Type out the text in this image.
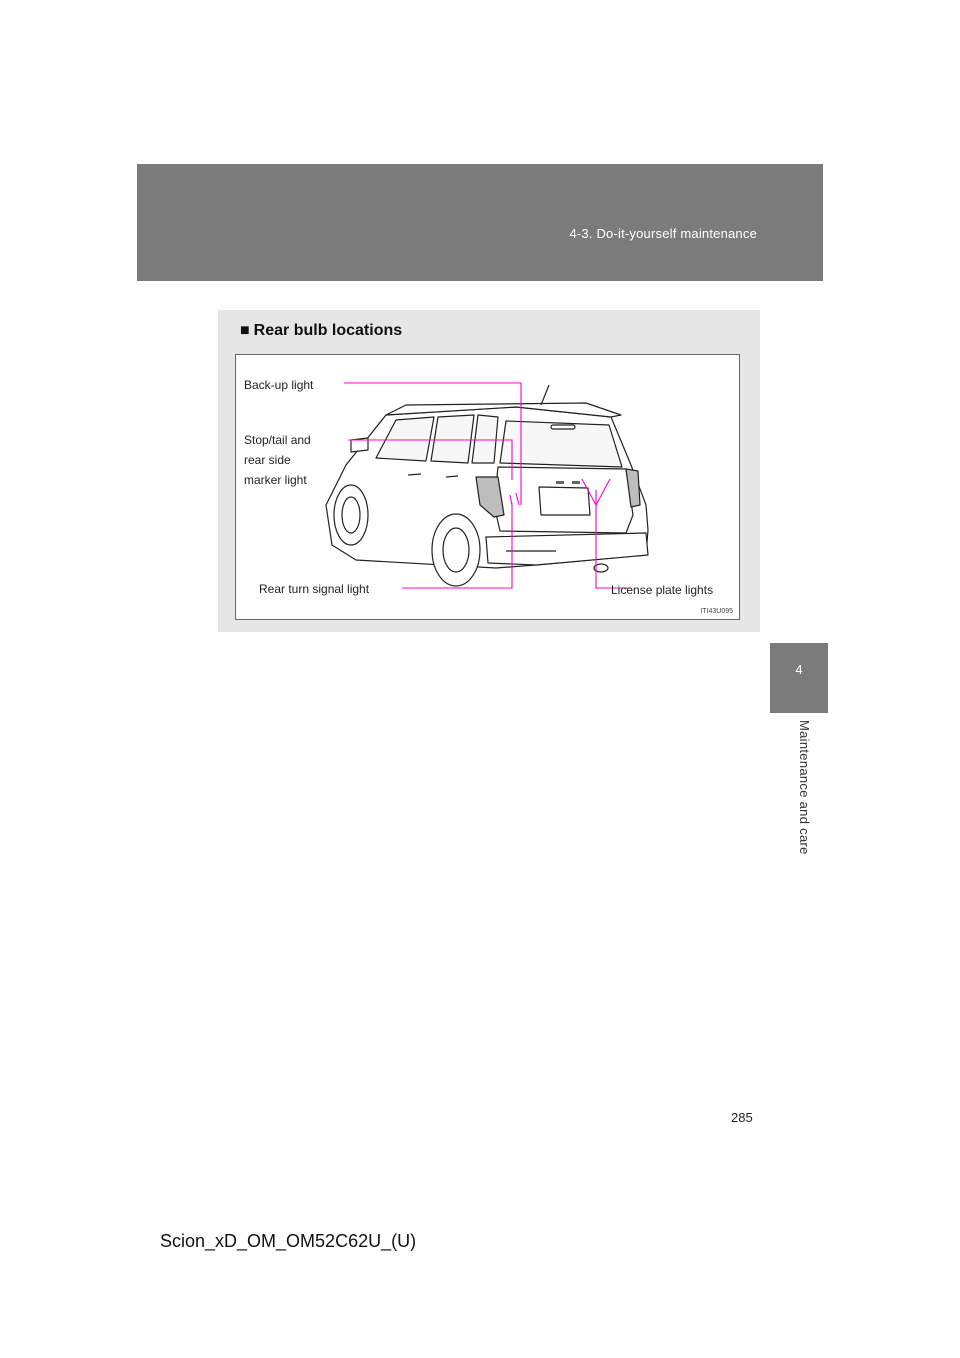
4-3. Do-it-yourself maintenance
4
Maintenance and care
■ Rear bulb locations
Back-up light
Stop/tail and
rear side
marker light
Rear turn signal light	License plate lights
ITI43U095
285
Scion_xD_OM_OM52C62U_(U)
